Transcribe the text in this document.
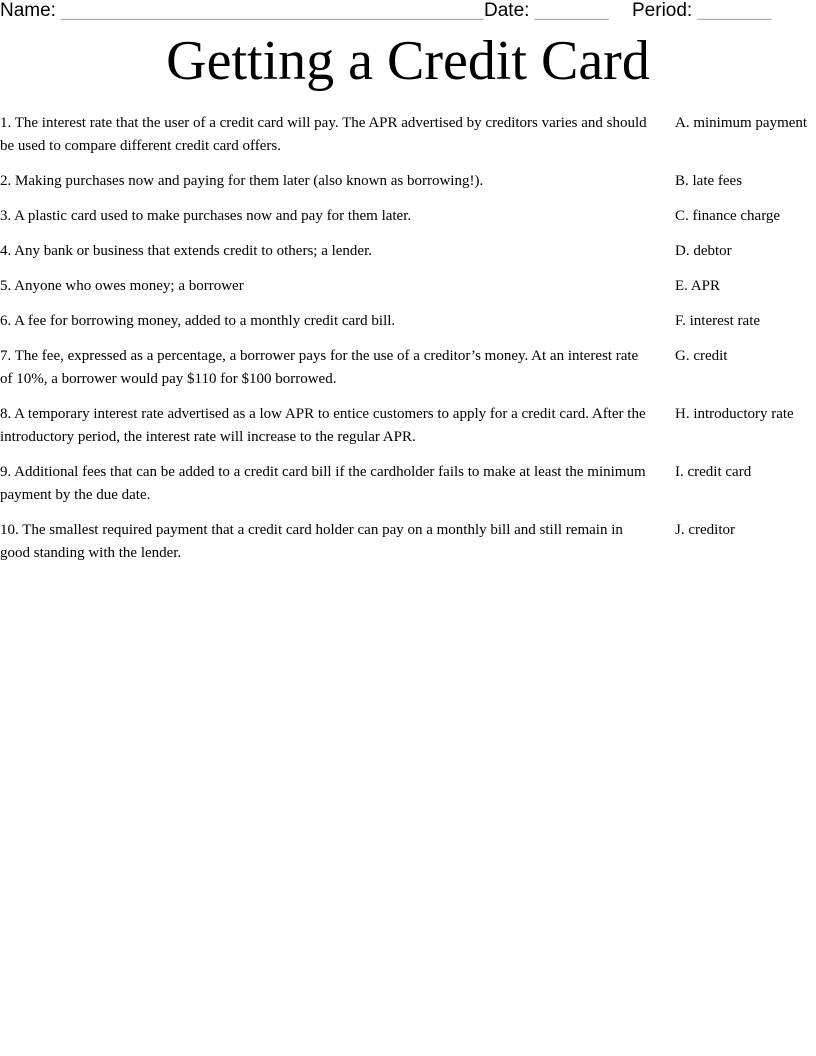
Name: ________________________________________ Date: _______ Period: _______
Getting a Credit Card
1. The interest rate that the user of a credit card will pay. The APR advertised by creditors varies and should be used to compare different credit card offers.
A. minimum payment
2. Making purchases now and paying for them later (also known as borrowing!).	B. late fees
3. A plastic card used to make purchases now and pay for them later.	C. finance charge
4. Any bank or business that extends credit to others; a lender.	D. debtor
5. Anyone who owes money; a borrower	E. APR
6. A fee for borrowing money, added to a monthly credit card bill.	F. interest rate
7. The fee, expressed as a percentage, a borrower pays for the use of a creditor’s money. At an interest rate of 10%, a borrower would pay $110 for $100 borrowed.
G. credit
8. A temporary interest rate advertised as a low APR to entice customers to apply for a credit card. After the introductory period, the interest rate will increase to the regular APR.
H. introductory rate
9. Additional fees that can be added to a credit card bill if the cardholder fails to make at least the minimum payment by the due date.
I. credit card
10. The smallest required payment that a credit card holder can pay on a monthly bill and still remain in good standing with the lender.
J. creditor
